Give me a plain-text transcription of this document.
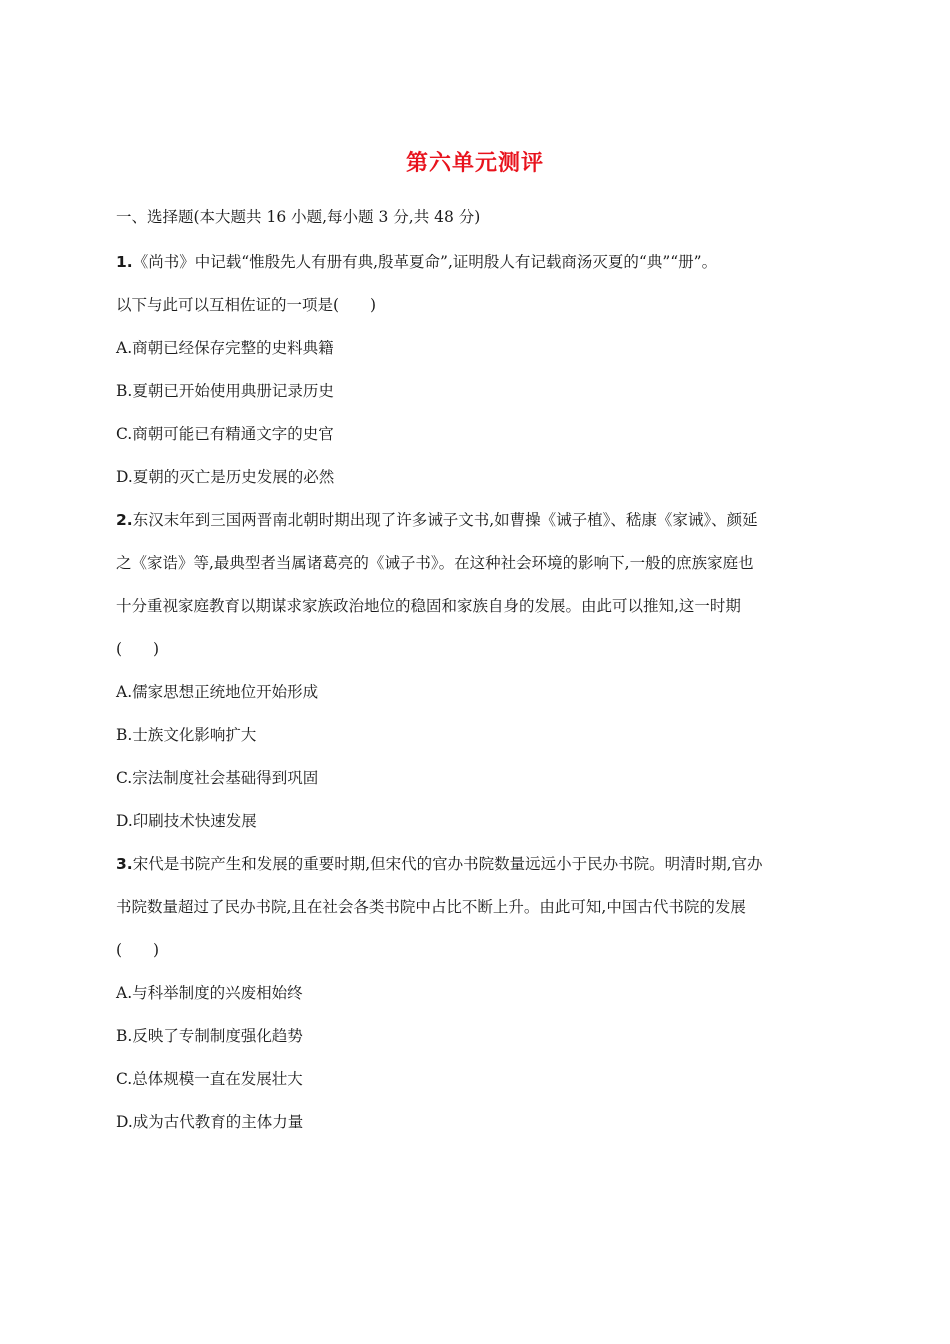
第六单元测评
一、选择题(本大题共 16 小题,每小题 3 分,共 48 分)
1.《尚书》中记载“惟殷先人有册有典,殷革夏命”,证明殷人有记载商汤灭夏的“典”“册”。
以下与此可以互相佐证的一项是(　　)
A.商朝已经保存完整的史料典籍
B.夏朝已开始使用典册记录历史
C.商朝可能已有精通文字的史官
D.夏朝的灭亡是历史发展的必然
2.东汉末年到三国两晋南北朝时期出现了许多诫子文书,如曹操《诫子植》、嵇康《家诫》、颜延
之《家诰》等,最典型者当属诸葛亮的《诫子书》。在这种社会环境的影响下,一般的庶族家庭也
十分重视家庭教育以期谋求家族政治地位的稳固和家族自身的发展。由此可以推知,这一时期
(　　)
A.儒家思想正统地位开始形成
B.士族文化影响扩大
C.宗法制度社会基础得到巩固
D.印刷技术快速发展
3.宋代是书院产生和发展的重要时期,但宋代的官办书院数量远远小于民办书院。明清时期,官办
书院数量超过了民办书院,且在社会各类书院中占比不断上升。由此可知,中国古代书院的发展
(　　)
A.与科举制度的兴废相始终
B.反映了专制制度强化趋势
C.总体规模一直在发展壮大
D.成为古代教育的主体力量
